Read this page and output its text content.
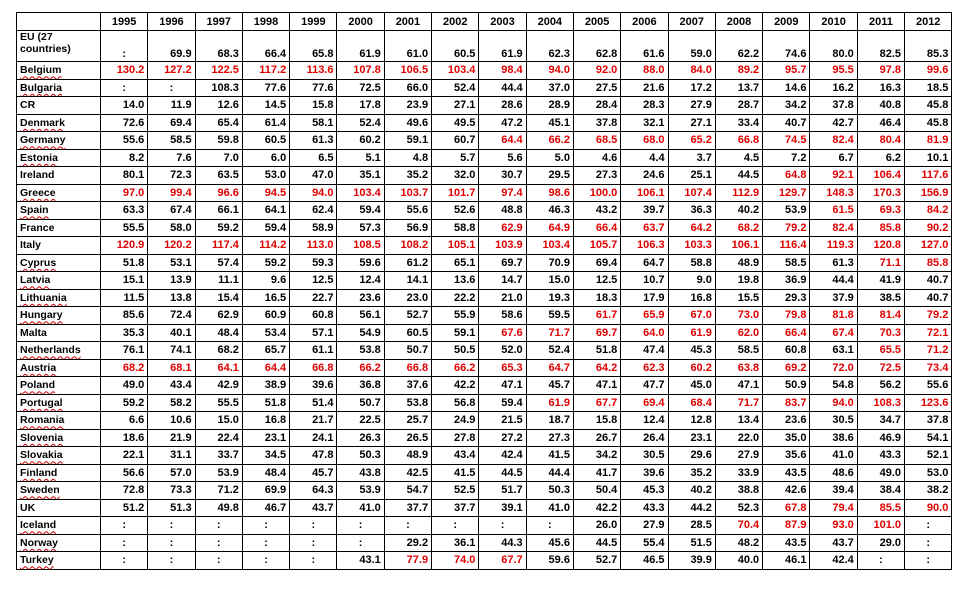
	1995	1996	1997	1998	1999	2000	2001	2002	2003	2004	2005	2006	2007	2008	2009	2010	2011	2012
EU (27 countries)	:	69.9	68.3	66.4	65.8	61.9	61.0	60.5	61.9	62.3	62.8	61.6	59.0	62.2	74.6	80.0	82.5	85.3
Belgium	130.2	127.2	122.5	117.2	113.6	107.8	106.5	103.4	98.4	94.0	92.0	88.0	84.0	89.2	95.7	95.5	97.8	99.6
Bulgaria	:	:	108.3	77.6	77.6	72.5	66.0	52.4	44.4	37.0	27.5	21.6	17.2	13.7	14.6	16.2	16.3	18.5
CR	14.0	11.9	12.6	14.5	15.8	17.8	23.9	27.1	28.6	28.9	28.4	28.3	27.9	28.7	34.2	37.8	40.8	45.8
Denmark	72.6	69.4	65.4	61.4	58.1	52.4	49.6	49.5	47.2	45.1	37.8	32.1	27.1	33.4	40.7	42.7	46.4	45.8
Germany	55.6	58.5	59.8	60.5	61.3	60.2	59.1	60.7	64.4	66.2	68.5	68.0	65.2	66.8	74.5	82.4	80.4	81.9
Estonia	8.2	7.6	7.0	6.0	6.5	5.1	4.8	5.7	5.6	5.0	4.6	4.4	3.7	4.5	7.2	6.7	6.2	10.1
Ireland	80.1	72.3	63.5	53.0	47.0	35.1	35.2	32.0	30.7	29.5	27.3	24.6	25.1	44.5	64.8	92.1	106.4	117.6
Greece	97.0	99.4	96.6	94.5	94.0	103.4	103.7	101.7	97.4	98.6	100.0	106.1	107.4	112.9	129.7	148.3	170.3	156.9
Spain	63.3	67.4	66.1	64.1	62.4	59.4	55.6	52.6	48.8	46.3	43.2	39.7	36.3	40.2	53.9	61.5	69.3	84.2
France	55.5	58.0	59.2	59.4	58.9	57.3	56.9	58.8	62.9	64.9	66.4	63.7	64.2	68.2	79.2	82.4	85.8	90.2
Italy	120.9	120.2	117.4	114.2	113.0	108.5	108.2	105.1	103.9	103.4	105.7	106.3	103.3	106.1	116.4	119.3	120.8	127.0
Cyprus	51.8	53.1	57.4	59.2	59.3	59.6	61.2	65.1	69.7	70.9	69.4	64.7	58.8	48.9	58.5	61.3	71.1	85.8
Latvia	15.1	13.9	11.1	9.6	12.5	12.4	14.1	13.6	14.7	15.0	12.5	10.7	9.0	19.8	36.9	44.4	41.9	40.7
Lithuania	11.5	13.8	15.4	16.5	22.7	23.6	23.0	22.2	21.0	19.3	18.3	17.9	16.8	15.5	29.3	37.9	38.5	40.7
Hungary	85.6	72.4	62.9	60.9	60.8	56.1	52.7	55.9	58.6	59.5	61.7	65.9	67.0	73.0	79.8	81.8	81.4	79.2
Malta	35.3	40.1	48.4	53.4	57.1	54.9	60.5	59.1	67.6	71.7	69.7	64.0	61.9	62.0	66.4	67.4	70.3	72.1
Netherlands	76.1	74.1	68.2	65.7	61.1	53.8	50.7	50.5	52.0	52.4	51.8	47.4	45.3	58.5	60.8	63.1	65.5	71.2
Austria	68.2	68.1	64.1	64.4	66.8	66.2	66.8	66.2	65.3	64.7	64.2	62.3	60.2	63.8	69.2	72.0	72.5	73.4
Poland	49.0	43.4	42.9	38.9	39.6	36.8	37.6	42.2	47.1	45.7	47.1	47.7	45.0	47.1	50.9	54.8	56.2	55.6
Portugal	59.2	58.2	55.5	51.8	51.4	50.7	53.8	56.8	59.4	61.9	67.7	69.4	68.4	71.7	83.7	94.0	108.3	123.6
Romania	6.6	10.6	15.0	16.8	21.7	22.5	25.7	24.9	21.5	18.7	15.8	12.4	12.8	13.4	23.6	30.5	34.7	37.8
Slovenia	18.6	21.9	22.4	23.1	24.1	26.3	26.5	27.8	27.2	27.3	26.7	26.4	23.1	22.0	35.0	38.6	46.9	54.1
Slovakia	22.1	31.1	33.7	34.5	47.8	50.3	48.9	43.4	42.4	41.5	34.2	30.5	29.6	27.9	35.6	41.0	43.3	52.1
Finland	56.6	57.0	53.9	48.4	45.7	43.8	42.5	41.5	44.5	44.4	41.7	39.6	35.2	33.9	43.5	48.6	49.0	53.0
Sweden	72.8	73.3	71.2	69.9	64.3	53.9	54.7	52.5	51.7	50.3	50.4	45.3	40.2	38.8	42.6	39.4	38.4	38.2
UK	51.2	51.3	49.8	46.7	43.7	41.0	37.7	37.7	39.1	41.0	42.2	43.3	44.2	52.3	67.8	79.4	85.5	90.0
Iceland	:	:	:	:	:	:	:	:	:	:	26.0	27.9	28.5	70.4	87.9	93.0	101.0	:
Norway	:	:	:	:	:	:	29.2	36.1	44.3	45.6	44.5	55.4	51.5	48.2	43.5	43.7	29.0	:
Turkey	:	:	:	:	:	43.1	77.9	74.0	67.7	59.6	52.7	46.5	39.9	40.0	46.1	42.4	:	:
